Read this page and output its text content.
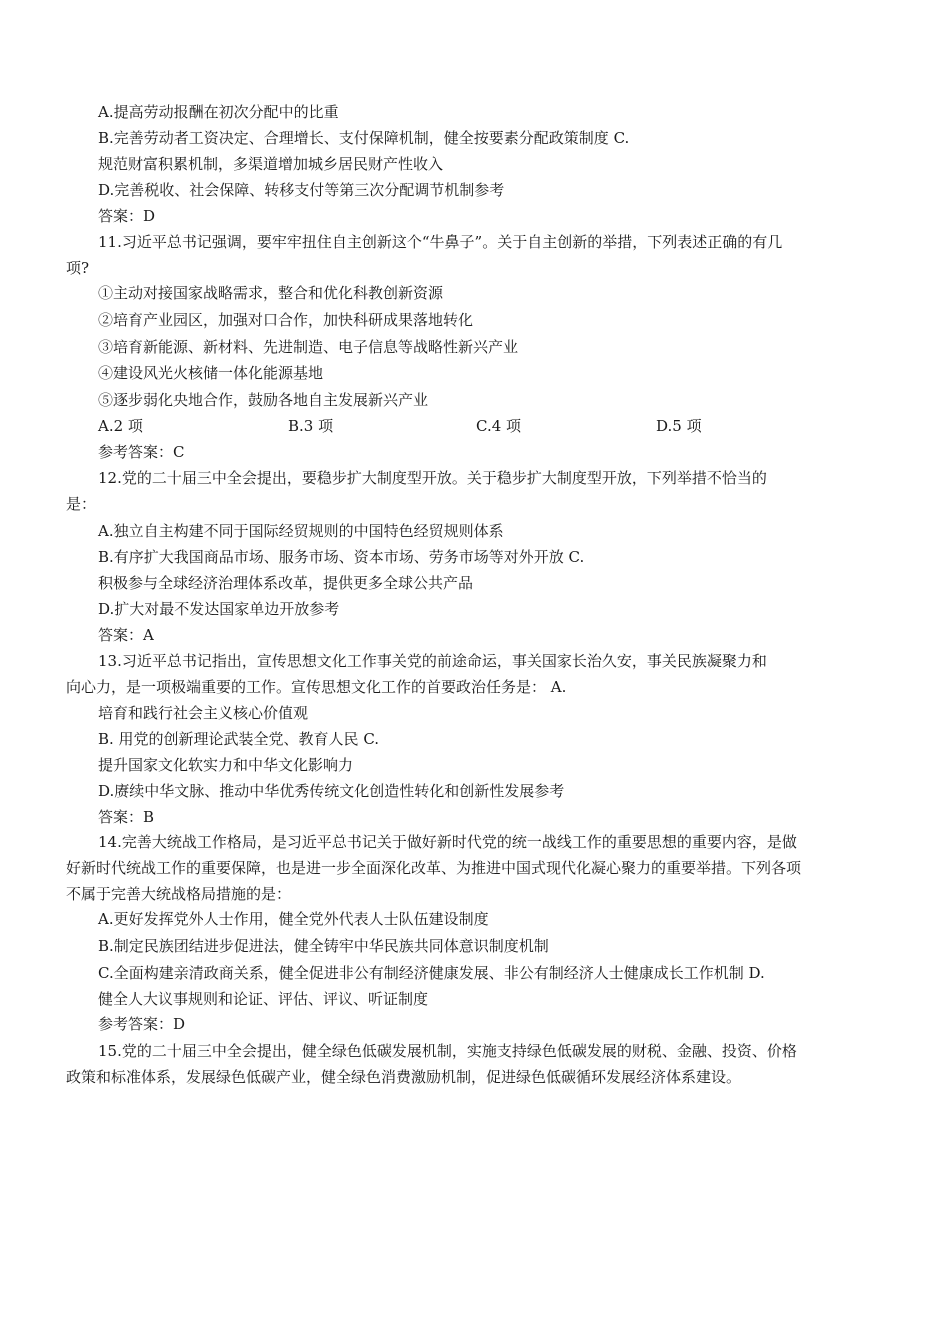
A.提高劳动报酬在初次分配中的比重
B.完善劳动者工资决定、合理增长、支付保障机制，健全按要素分配政策制度 C.
规范财富积累机制，多渠道增加城乡居民财产性收入
D.完善税收、社会保障、转移支付等第三次分配调节机制参考
答案：D
11.习近平总书记强调，要牢牢扭住自主创新这个“牛鼻子”。关于自主创新的举措，下列表述正确的有几
项?
①主动对接国家战略需求，整合和优化科教创新资源
②培育产业园区，加强对口合作，加快科研成果落地转化
③培育新能源、新材料、先进制造、电子信息等战略性新兴产业
④建设风光火核储一体化能源基地
⑤逐步弱化央地合作，鼓励各地自主发展新兴产业
A.2 项	B.3 项	C.4 项	D.5 项
参考答案：C
12.党的二十届三中全会提出，要稳步扩大制度型开放。关于稳步扩大制度型开放，下列举措不恰当的
是：
A.独立自主构建不同于国际经贸规则的中国特色经贸规则体系
B.有序扩大我国商品市场、服务市场、资本市场、劳务市场等对外开放 C.
积极参与全球经济治理体系改革，提供更多全球公共产品
D.扩大对最不发达国家单边开放参考
答案：A
13.习近平总书记指出，宣传思想文化工作事关党的前途命运，事关国家长治久安，事关民族凝聚力和
向心力，是一项极端重要的工作。宣传思想文化工作的首要政治任务是： A.
培育和践行社会主义核心价值观
B. 用党的创新理论武装全党、教育人民 C.
提升国家文化软实力和中华文化影响力
D.赓续中华文脉、推动中华优秀传统文化创造性转化和创新性发展参考
答案：B
14.完善大统战工作格局，是习近平总书记关于做好新时代党的统一战线工作的重要思想的重要内容，是做
好新时代统战工作的重要保障，也是进一步全面深化改革、为推进中国式现代化凝心聚力的重要举措。下列各项
不属于完善大统战格局措施的是：
A.更好发挥党外人士作用，健全党外代表人士队伍建设制度
B.制定民族团结进步促进法，健全铸牢中华民族共同体意识制度机制
C.全面构建亲清政商关系，健全促进非公有制经济健康发展、非公有制经济人士健康成长工作机制 D.
健全人大议事规则和论证、评估、评议、听证制度
参考答案：D
15.党的二十届三中全会提出，健全绿色低碳发展机制，实施支持绿色低碳发展的财税、金融、投资、价格
政策和标准体系，发展绿色低碳产业，健全绿色消费激励机制，促进绿色低碳循环发展经济体系建设。
